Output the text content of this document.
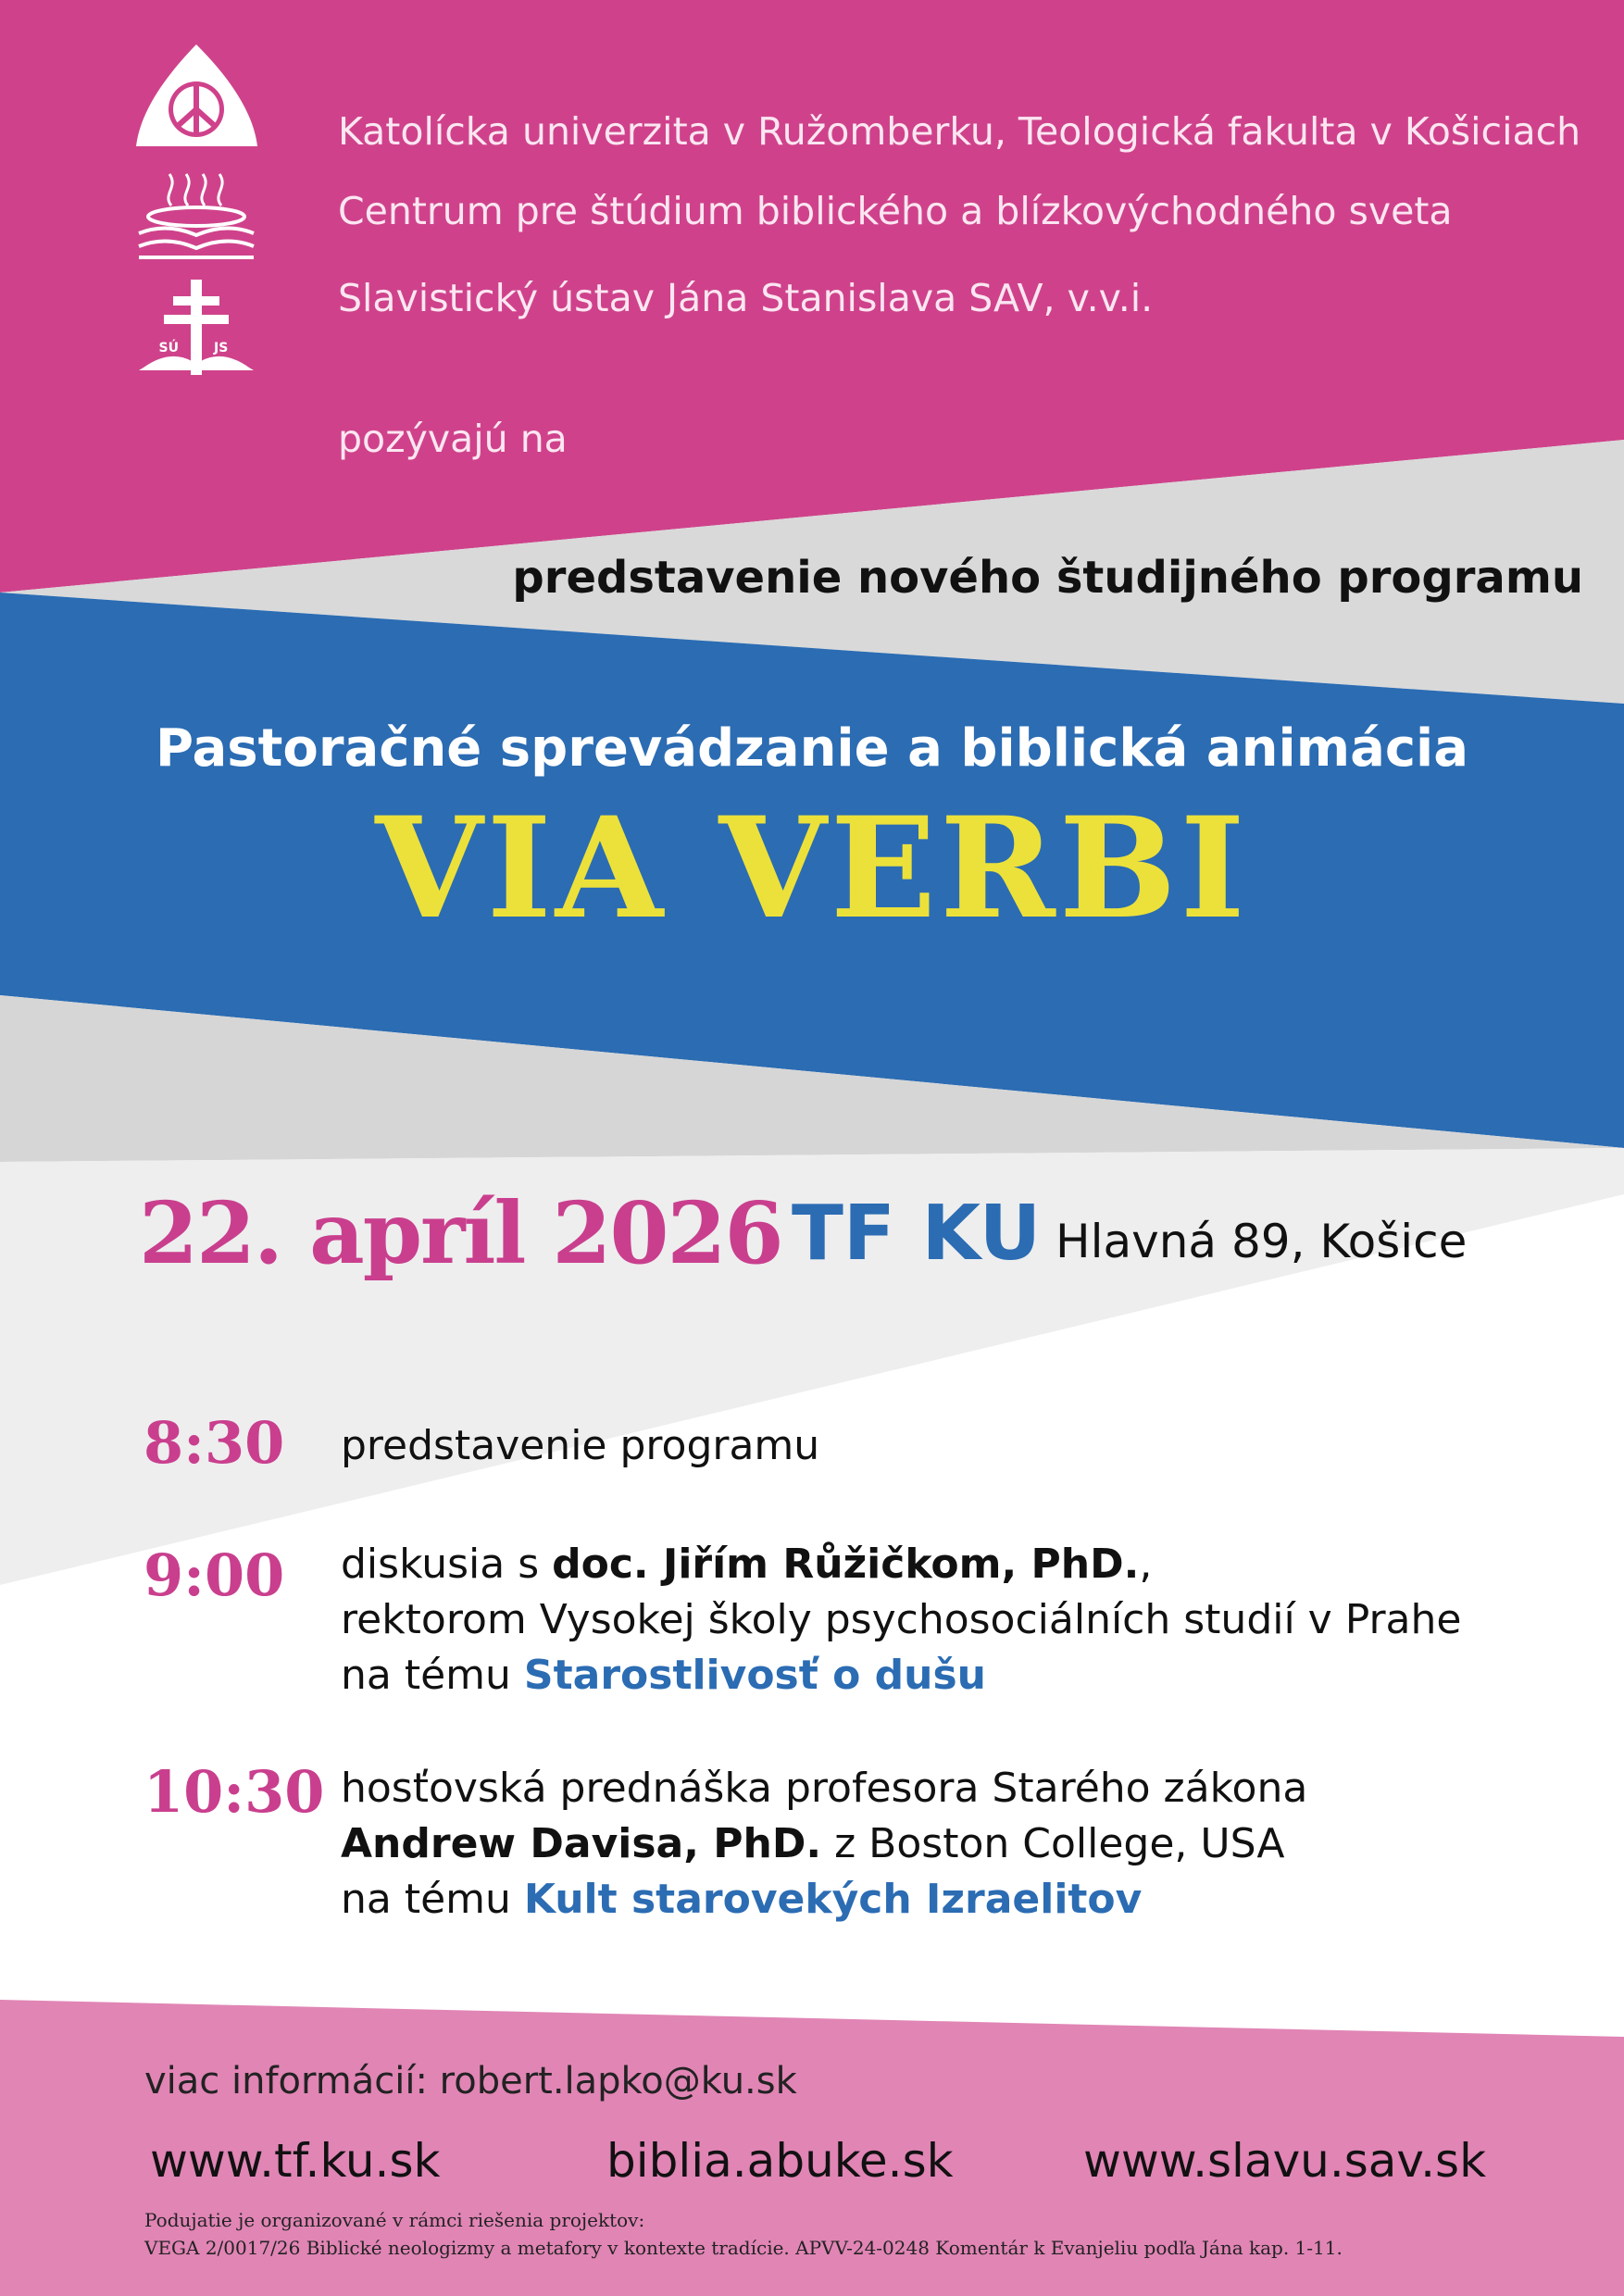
SÚ	JS
Katolícka univerzita v Ružomberku, Teologická fakulta v Košiciach
Centrum pre štúdium biblického a blízkovýchodného sveta
Slavistický ústav Jána Stanislava SAV, v.v.i.
pozývajú na
predstavenie nového študijného programu
Pastoračné sprevádzanie a biblická animácia
VIA VERBI
22. apríl 2026 TF KU Hlavná 89, Košice
8:30 predstavenie programu
9:00 diskusia s doc. Jiřím Růžičkom, PhD.,
rektorom Vysokej školy psychosociálních studií v Prahe
na tému Starostlivosť o dušu
10:30 hosťovská prednáška profesora Starého zákona
Andrew Davisa, PhD. z Boston College, USA
na tému Kult starovekých Izraelitov
viac informácií: robert.lapko@ku.sk
www.tf.ku.sk	biblia.abuke.sk	www.slavu.sav.sk
Podujatie je organizované v rámci riešenia projektov:
VEGA 2/0017/26 Biblické neologizmy a metafory v kontexte tradície. APVV-24-0248 Komentár k Evanjeliu podľa Jána kap. 1-11.
